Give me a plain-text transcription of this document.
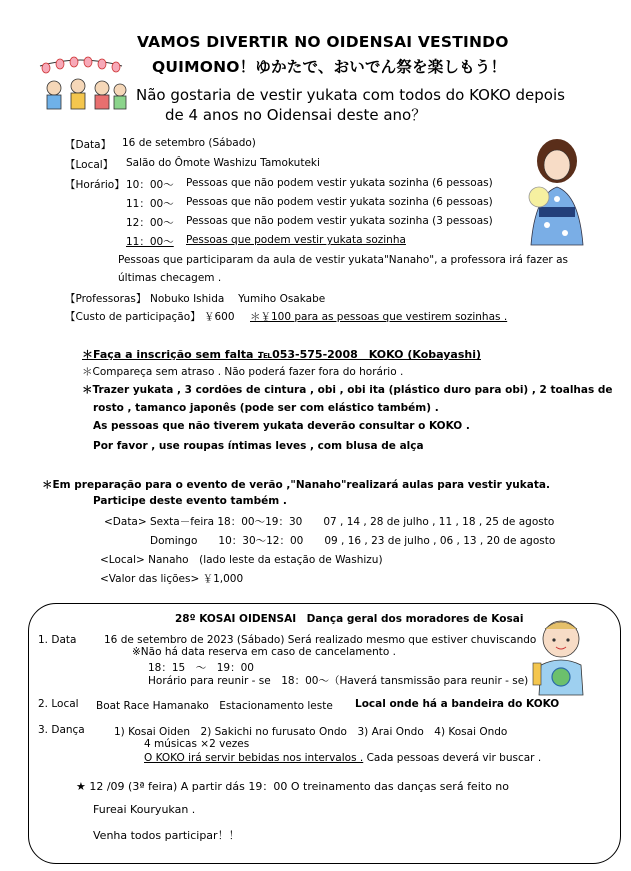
VAMOS DIVERTIR NO OIDENSAI VESTINDO
QUIMONO！ゆかたで、おいでん祭を楽しもう！
Não gostaria de vestir yukata com todos do KOKO depois
de 4 anos no Oidensai deste ano？
【Data】 16 de setembro (Sábado)
【Local】 Salão do Ômote Washizu Tamokuteki
【Horário】 10：00～ Pessoas que não podem vestir yukata sozinha (6 pessoas)
11：00～ Pessoas que não podem vestir yukata sozinha (6 pessoas)
12：00～ Pessoas que não podem vestir yukata sozinha (3 pessoas)
11：00～ Pessoas que podem vestir yukata sozinha
Pessoas que participaram da aula de vestir yukata"Nanaho", a professora irá fazer as
últimas checagem .
【Professoras】 Nobuko Ishida　 Yumiho Osakabe
【Custo de participação】 ￥600 ＊￥100 para as pessoas que vestirem sozinhas .
＊Faça a inscrição sem falta .
℡053-575-2008　KOKO (Kobayashi)
＊Compareça sem atraso . Não poderá fazer fora do horário .
＊Trazer yukata , 3 cordões de cintura , obi , obi ita (plástico duro para obi) , 2 toalhas de
rosto , tamanco japonês (pode ser com elástico também) .
As pessoas que não tiverem yukata deverão consultar o KOKO .
Por favor , use roupas íntimas leves , com blusa de alça
＊Em preparação para o evento de verão ,"Nanaho"realizará aulas para vestir yukata.
Participe deste evento também .
<Data> Sexta－feira 18：00～19：30　　07 , 14 , 28 de julho , 11 , 18 , 25 de agosto
Domingo　　10：30～12：00　　09 , 16 , 23 de julho , 06 , 13 , 20 de agosto
<Local> Nanaho　(lado leste da estação de Washizu)
<Valor das lições> ￥1,000
28º KOSAI OIDENSAI　Dança geral dos moradores de Kosai
1. Data	16 de setembro de 2023 (Sábado) Será realizado mesmo que estiver chuviscando
※Não há data reserva em caso de cancelamento .
18：15　～　19：00
Horário para reunir - se　18：00～（Haverá tansmissão para reunir - se)
2. Local Boat Race Hamanako　Estacionamento leste Local onde há a bandeira do KOKO
3. Dança	1) Kosai Oiden　2) Sakichi no furusato Ondo　3) Arai Ondo　4) Kosai Ondo
4 músicas ×2 vezes
O KOKO irá servir bebidas nos intervalos . Cada pessoas deverá vir buscar .
★ 12 /09 (3ª feira) A partir dás 19：00 O treinamento das danças será feito no
Fureai Kouryukan .
Venha todos participar！！
